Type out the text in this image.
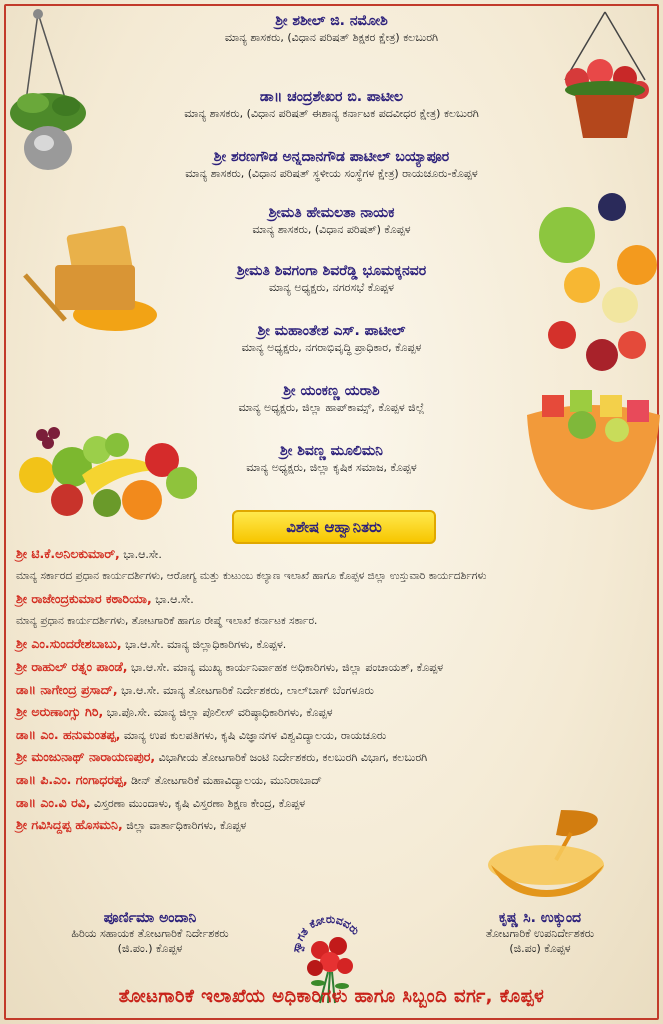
ಶ್ರೀ ಶಶೀಲ್ ಜಿ. ನಮೋಶಿ
ಮಾನ್ಯ ಶಾಸಕರು, (ವಿಧಾನ ಪರಿಷತ್ ಶಿಕ್ಷಕರ ಕ್ಷೇತ್ರ) ಕಲಬುರಗಿ
ಡಾ॥ ಚಂದ್ರಶೇಖರ ಬಿ. ಪಾಟೀಲ
ಮಾನ್ಯ ಶಾಸಕರು, (ವಿಧಾನ ಪರಿಷತ್ ಈಶಾನ್ಯ ಕರ್ನಾಟಕ ಪದವೀಧರ ಕ್ಷೇತ್ರ) ಕಲಬುರಗಿ
ಶ್ರೀ ಶರಣಗೌಡ ಅನ್ನದಾನಗೌಡ ಪಾಟೀಲ್ ಬಯ್ಯಾಪೂರ
ಮಾನ್ಯ ಶಾಸಕರು, (ವಿಧಾನ ಪರಿಷತ್ ಸ್ಥಳೀಯ ಸಂಸ್ಥೆಗಳ ಕ್ಷೇತ್ರ) ರಾಯಚೂರು-ಕೊಪ್ಪಳ
ಶ್ರೀಮತಿ ಹೇಮಲತಾ ನಾಯಕ
ಮಾನ್ಯ ಶಾಸಕರು, (ವಿಧಾನ ಪರಿಷತ್) ಕೊಪ್ಪಳ
ಶ್ರೀಮತಿ ಶಿವಗಂಗಾ ಶಿವರೆಡ್ಡಿ ಭೂಮಕ್ಕನವರ
ಮಾನ್ಯ ಅಧ್ಯಕ್ಷರು, ನಗರಸಭೆ ಕೊಪ್ಪಳ
ಶ್ರೀ ಮಹಾಂತೇಶ ಎಸ್. ಪಾಟೀಲ್
ಮಾನ್ಯ ಅಧ್ಯಕ್ಷರು, ನಗರಾಭಿವೃದ್ಧಿ ಪ್ರಾಧಿಕಾರ, ಕೊಪ್ಪಳ
ಶ್ರೀ ಯಂಕಣ್ಣ ಯರಾಶಿ
ಮಾನ್ಯ ಅಧ್ಯಕ್ಷರು, ಜಿಲ್ಲಾ ಹಾಪ್‌ಕಾಮ್ಸ್, ಕೊಪ್ಪಳ ಜಿಲ್ಲೆ
ಶ್ರೀ ಶಿವಣ್ಣ ಮೂಲಿಮನಿ
ಮಾನ್ಯ ಅಧ್ಯಕ್ಷರು, ಜಿಲ್ಲಾ ಕೃಷಿಕ ಸಮಾಜ, ಕೊಪ್ಪಳ
ವಿಶೇಷ ಆಹ್ವಾನಿತರು
ಶ್ರೀ ಟಿ.ಕೆ.ಅನಿಲಕುಮಾರ್, ಭಾ.ಆ.ಸೇ.
ಮಾನ್ಯ ಸರ್ಕಾರದ ಪ್ರಧಾನ ಕಾರ್ಯದರ್ಶಿಗಳು, ಆರೋಗ್ಯ ಮತ್ತು ಕುಟುಂಬ ಕಲ್ಯಾಣ ಇಲಾಖೆ ಹಾಗೂ ಕೊಪ್ಪಳ ಜಿಲ್ಲಾ ಉಸ್ತುವಾರಿ ಕಾರ್ಯದರ್ಶಿಗಳು
ಶ್ರೀ ರಾಜೇಂದ್ರಕುಮಾರ ಕಠಾರಿಯಾ, ಭಾ.ಆ.ಸೇ.
ಮಾನ್ಯ ಪ್ರಧಾನ ಕಾರ್ಯದರ್ಶಿಗಳು, ತೋಟಗಾರಿಕೆ ಹಾಗೂ ರೇಷ್ಮೆ ಇಲಾಖೆ ಕರ್ನಾಟಕ ಸರ್ಕಾರ.
ಶ್ರೀ ಎಂ.ಸುಂದರೇಶಬಾಬು, ಭಾ.ಆ.ಸೇ. ಮಾನ್ಯ ಜಿಲ್ಲಾಧಿಕಾರಿಗಳು, ಕೊಪ್ಪಳ.
ಶ್ರೀ ರಾಹುಲ್ ರತ್ನಂ ಪಾಂಡೆ, ಭಾ.ಆ.ಸೇ. ಮಾನ್ಯ ಮುಖ್ಯ ಕಾರ್ಯನಿರ್ವಾಹಕ ಅಧಿಕಾರಿಗಳು, ಜಿಲ್ಲಾ ಪಂಚಾಯತ್, ಕೊಪ್ಪಳ
ಡಾ॥ ನಾಗೇಂದ್ರ ಪ್ರಸಾದ್, ಭಾ.ಆ.ಸೇ. ಮಾನ್ಯ ತೋಟಗಾರಿಕೆ ನಿರ್ದೇಶಕರು, ಲಾಲ್‌ಬಾಗ್ ಬೆಂಗಳೂರು
ಶ್ರೀ ಅರುಣಾಂಗ್ಸು ಗಿರಿ, ಭಾ.ಪೊ.ಸೇ. ಮಾನ್ಯ ಜಿಲ್ಲಾ ಪೊಲೀಸ್ ವರಿಷ್ಠಾಧಿಕಾರಿಗಳು, ಕೊಪ್ಪಳ
ಡಾ॥ ಎಂ. ಹನುಮಂತಪ್ಪ, ಮಾನ್ಯ ಉಪ ಕುಲಪತಿಗಳು, ಕೃಷಿ ವಿಜ್ಞಾನಗಳ ವಿಶ್ವವಿದ್ಯಾಲಯ, ರಾಯಚೂರು
ಶ್ರೀ ಮಂಜುನಾಥ್ ನಾರಾಯಣಪುರ, ವಿಭಾಗೀಯ ತೋಟಗಾರಿಕೆ ಜಂಟಿ ನಿರ್ದೇಶಕರು, ಕಲಬುರಗಿ ವಿಭಾಗ, ಕಲಬುರಗಿ
ಡಾ॥ ಪಿ.ಎಂ. ಗಂಗಾಧರಪ್ಪ, ಡೀನ್ ತೋಟಗಾರಿಕೆ ಮಹಾವಿದ್ಯಾಲಯ, ಮುನಿರಾಬಾದ್
ಡಾ॥ ಎಂ.ವಿ ರವಿ, ವಿಸ್ತರಣಾ ಮುಂದಾಳು, ಕೃಷಿ ವಿಸ್ತರಣಾ ಶಿಕ್ಷಣ ಕೇಂದ್ರ, ಕೊಪ್ಪಳ
ಶ್ರೀ ಗವಿಸಿದ್ದಪ್ಪ ಹೊಸಮನಿ, ಜಿಲ್ಲಾ ವಾರ್ತಾಧಿಕಾರಿಗಳು, ಕೊಪ್ಪಳ
ಪೂರ್ಣಿಮಾ ಅಂದಾನಿ
ಹಿರಿಯ ಸಹಾಯಕ ತೋಟಗಾರಿಕೆ ನಿರ್ದೇಶಕರು
(ಜಿ.ಪಂ.) ಕೊಪ್ಪಳ	ಸ್ವಾಗತ ಕೋರುವವರು
ಕೃಷ್ಣ ಸಿ. ಉಕ್ಕುಂದ
ತೋಟಗಾರಿಕೆ ಉಪನಿರ್ದೇಶಕರು
(ಜಿ.ಪಂ) ಕೊಪ್ಪಳ
ತೋಟಗಾರಿಕೆ ಇಲಾಖೆಯ ಅಧಿಕಾರಿಗಳು ಹಾಗೂ ಸಿಬ್ಬಂದಿ ವರ್ಗ, ಕೊಪ್ಪಳ
